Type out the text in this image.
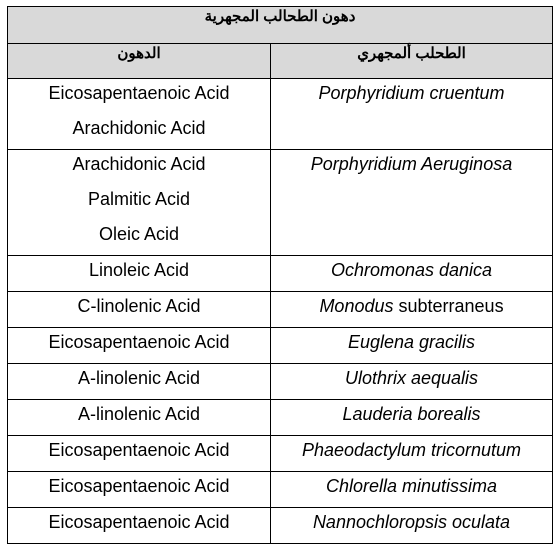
دهون الطحالب المجهرية	
الدهون	الطحلب ألمجهري

Eicosapentaenoic Acid
Arachidonic Acid	Porphyridium cruentum

Arachidonic Acid
Palmitic Acid
Oleic Acid	Porphyridium Aeruginosa

Linoleic Acid	Ochromonas danica

C-linolenic Acid	Monodus subterraneus

Eicosapentaenoic Acid	Euglena gracilis

A-linolenic Acid	Ulothrix aequalis

A-linolenic Acid	Lauderia borealis

Eicosapentaenoic Acid	Phaeodactylum tricornutum

Eicosapentaenoic Acid	Chlorella minutissima

Eicosapentaenoic Acid	Nannochloropsis oculata
